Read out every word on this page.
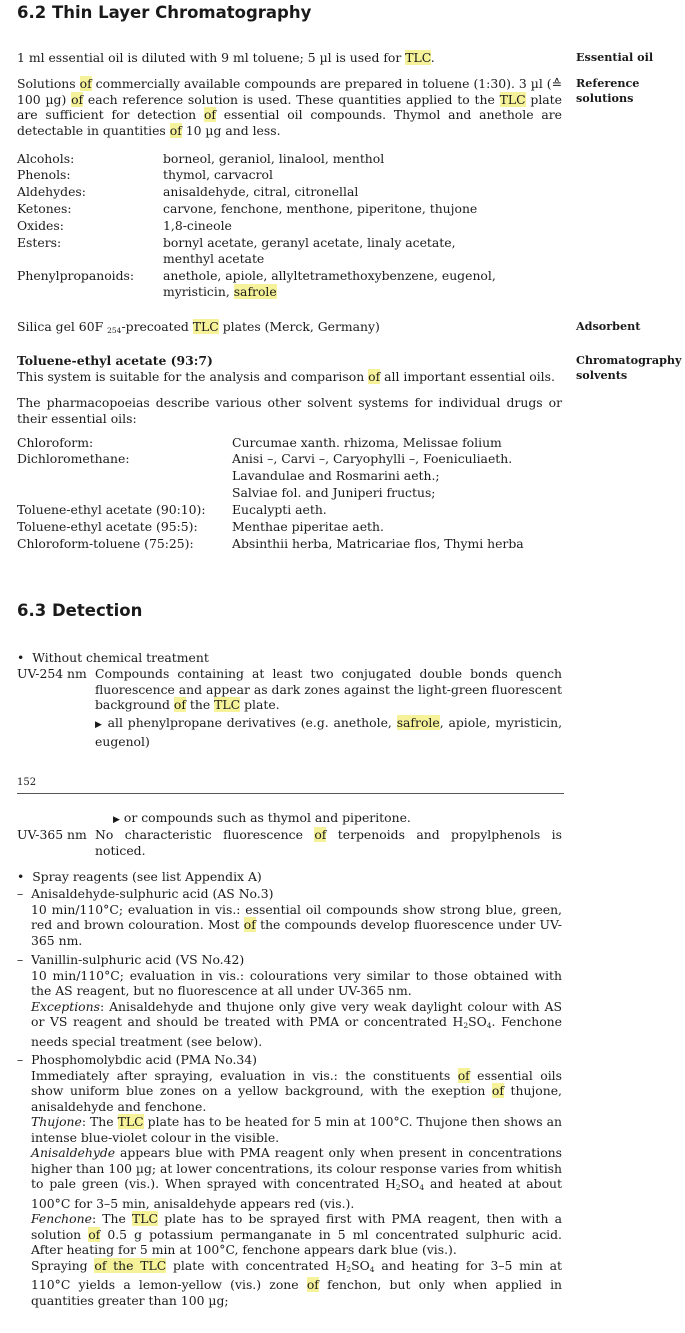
6.2 Thin Layer Chromatography
1 ml essential oil is diluted with 9 ml toluene; 5 µl is used for TLC.	Essential oil
Solutions of commercially available compounds are prepared in toluene (1:30). 3 µl (≙ 100 µg) of each reference solution is used. These quantities applied to the TLC plate are sufficient for detection of essential oil compounds. Thymol and anethole are detectable in quantities of 10 µg and less.
Reference solutions
Alcohols:	borneol, geraniol, linalool, menthol
Phenols:	thymol, carvacrol
Aldehydes:	anisaldehyde, citral, citronellal
Ketones:	carvone, fenchone, menthone, piperitone, thujone
Oxides:	1,8-cineole
Esters:	bornyl acetate, geranyl acetate, linaly acetate, menthyl acetate
Phenylpropanoids: anethole, apiole, allyltetramethoxybenzene, eugenol, myristicin, safrole
Silica gel 60F $_{254}$-precoated TLC plates (Merck, Germany)	Adsorbent
Toluene-ethyl acetate (93:7)
This system is suitable for the analysis and comparison of all important essential oils.
Chromatography solvents
The pharmacopoeias describe various other solvent systems for individual drugs or their essential oils:
Chloroform:	Curcumae xanth. rhizoma, Melissae folium
Dichloromethane:	Anisi –, Carvi –, Caryophylli –, Foeniculiaeth.
Lavandulae and Rosmarini aeth.;
Salviae fol. and Juniperi fructus;
Toluene-ethyl acetate (90:10): Eucalypti aeth.
Toluene-ethyl acetate (95:5):	Menthae piperitae aeth.
Chloroform-toluene (75:25):	Absinthii herba, Matricariae flos, Thymi herba
6.3 Detection
•  Without chemical treatment
UV-254 nm Compounds containing at least two conjugated double bonds quench fluorescence and appear as dark zones against the light-green fluorescent background of the TLC plate.
▶ all phenylpropane derivatives (e.g. anethole, safrole, apiole, myristicin, eugenol)
152
▶ or compounds such as thymol and piperitone.
UV-365 nm No characteristic fluorescence of terpenoids and propylphenols is noticed.
•  Spray reagents (see list Appendix A)
–  Anisaldehyde-sulphuric acid (AS No.3)
10 min/110°C; evaluation in vis.: essential oil compounds show strong blue, green, red and brown colouration. Most of the compounds develop fluorescence under UV-365 nm.
–  Vanillin-sulphuric acid (VS No.42)
10 min/110°C; evaluation in vis.: colourations very similar to those obtained with the AS reagent, but no fluorescence at all under UV-365 nm.
Exceptions: Anisaldehyde and thujone only give very weak daylight colour with AS or VS reagent and should be treated with PMA or concentrated $H_2SO_4$. Fenchone needs special treatment (see below).
–  Phosphomolybdic acid (PMA No.34)
Immediately after spraying, evaluation in vis.: the constituents of essential oils show uniform blue zones on a yellow background, with the exeption of thujone, anisaldehyde and fenchone.
Thujone: The TLC plate has to be heated for 5 min at 100°C. Thujone then shows an intense blue-violet colour in the visible.
Anisaldehyde appears blue with PMA reagent only when present in concentrations higher than 100 µg; at lower concentrations, its colour response varies from whitish to pale green (vis.). When sprayed with concentrated $H_2SO_4$ and heated at about 100°C for 3–5 min, anisaldehyde appears red (vis.).
Fenchone: The TLC plate has to be sprayed first with PMA reagent, then with a solution of 0.5 g potassium permanganate in 5 ml concentrated sulphuric acid. After heating for 5 min at 100°C, fenchone appears dark blue (vis.).
Spraying of the TLC plate with concentrated $H_2SO_4$ and heating for 3–5 min at 110°C yields a lemon-yellow (vis.) zone of fenchon, but only when applied in quantities greater than 100 µg;
